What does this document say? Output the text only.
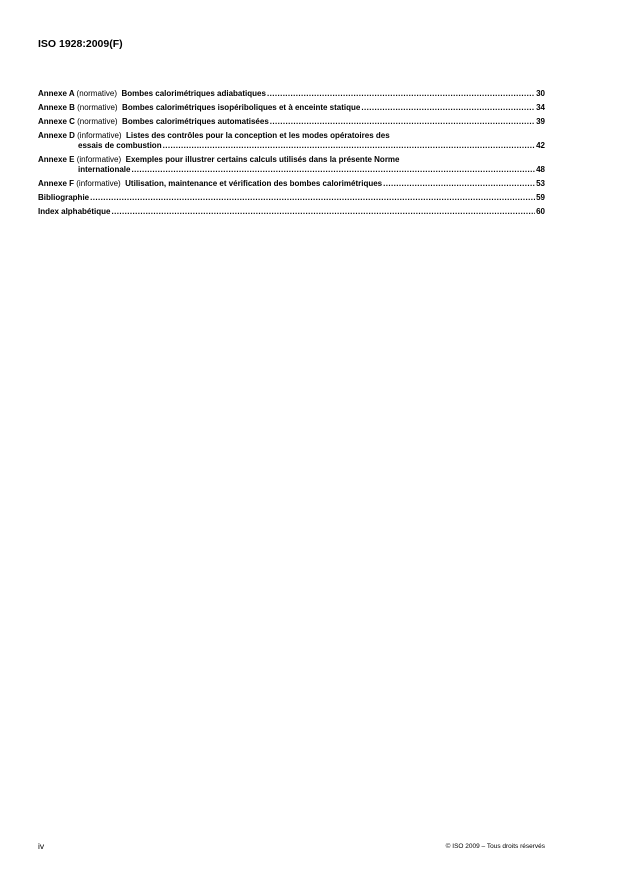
ISO 1928:2009(F)
Annexe A (normative) Bombes calorimétriques adiabatiques .....	30
Annexe B (normative) Bombes calorimétriques isopériboliques et à enceinte statique .....	34
Annexe C (normative) Bombes calorimétriques automatisées .....	39
Annexe D (informative) Listes des contrôles pour la conception et les modes opératoires des
essais de combustion .....	42
Annexe E (informative) Exemples pour illustrer certains calculs utilisés dans la présente Norme
internationale .....	48
Annexe F (informative) Utilisation, maintenance et vérification des bombes calorimétriques .....	53
Bibliographie .....	59
Index alphabétique .....	60
iv	© ISO 2009 – Tous droits réservés
